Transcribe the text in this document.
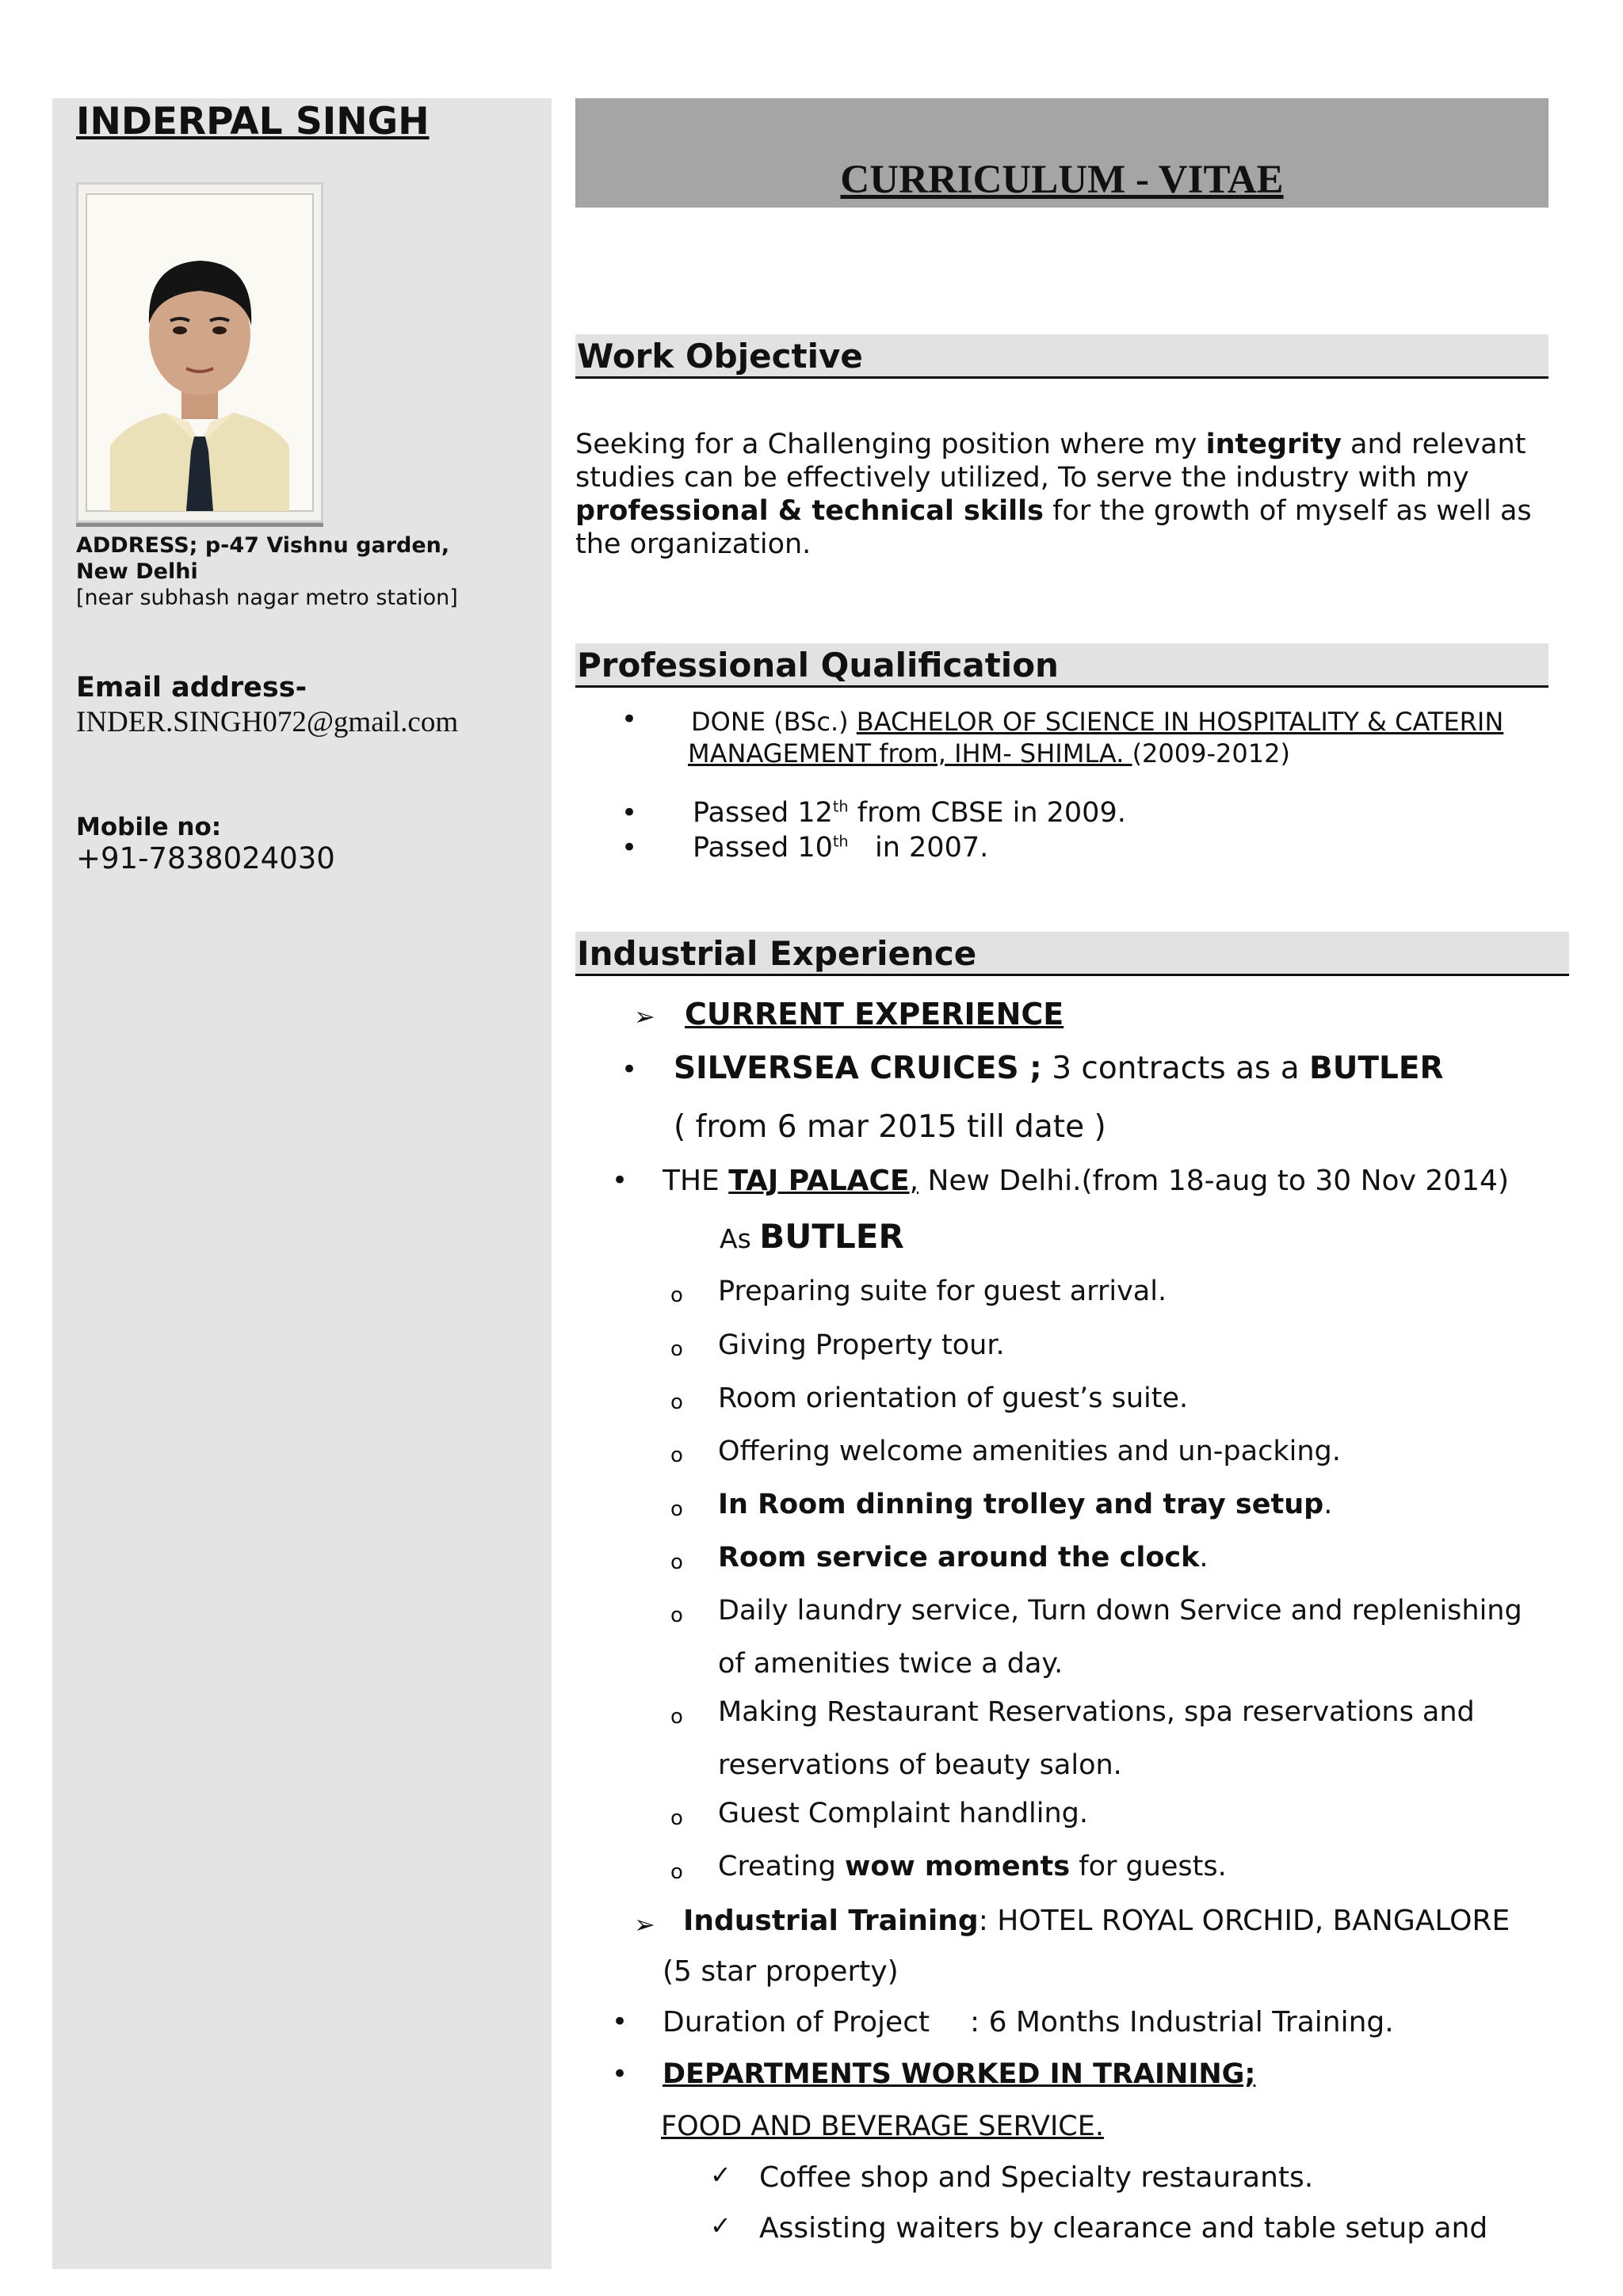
INDERPAL SINGH
ADDRESS; p-47 Vishnu garden,
New Delhi
[near subhash nagar metro station]
Email address-
INDER.SINGH072@gmail.com
Mobile no:
+91-7838024030
CURRICULUM - VITAE
Work Objective
Seeking for a Challenging position where my integrity and relevant studies can be effectively utilized, To serve the industry with my professional & technical skills for the growth of myself as well as the organization.
Professional Qualification
• DONE (BSc.) BACHELOR OF SCIENCE IN HOSPITALITY & CATERIN
MANAGEMENT from, IHM- SHIMLA. (2009-2012)
• Passed 12th from CBSE in 2009.
• Passed 10th   in 2007.
Industrial Experience
➢ CURRENT EXPERIENCE
• SILVERSEA CRUICES ; 3 contracts as a BUTLER
( from 6 mar 2015 till date )
• THE TAJ PALACE, New Delhi.(from 18-aug to 30 Nov 2014)
As BUTLER
o Preparing suite for guest arrival.
o Giving Property tour.
o Room orientation of guest’s suite.
o Offering welcome amenities and un-packing.
o In Room dinning trolley and tray setup.
o Room service around the clock.
o Daily laundry service, Turn down Service and replenishing
of amenities twice a day.
o Making Restaurant Reservations, spa reservations and
reservations of beauty salon.
o Guest Complaint handling.
o Creating wow moments for guests.
➢ Industrial Training: HOTEL ROYAL ORCHID, BANGALORE
(5 star property)
• Duration of Project : 6 Months Industrial Training.
• DEPARTMENTS WORKED IN TRAINING;
FOOD AND BEVERAGE SERVICE.
✓ Coffee shop and Specialty restaurants.
✓ Assisting waiters by clearance and table setup and
